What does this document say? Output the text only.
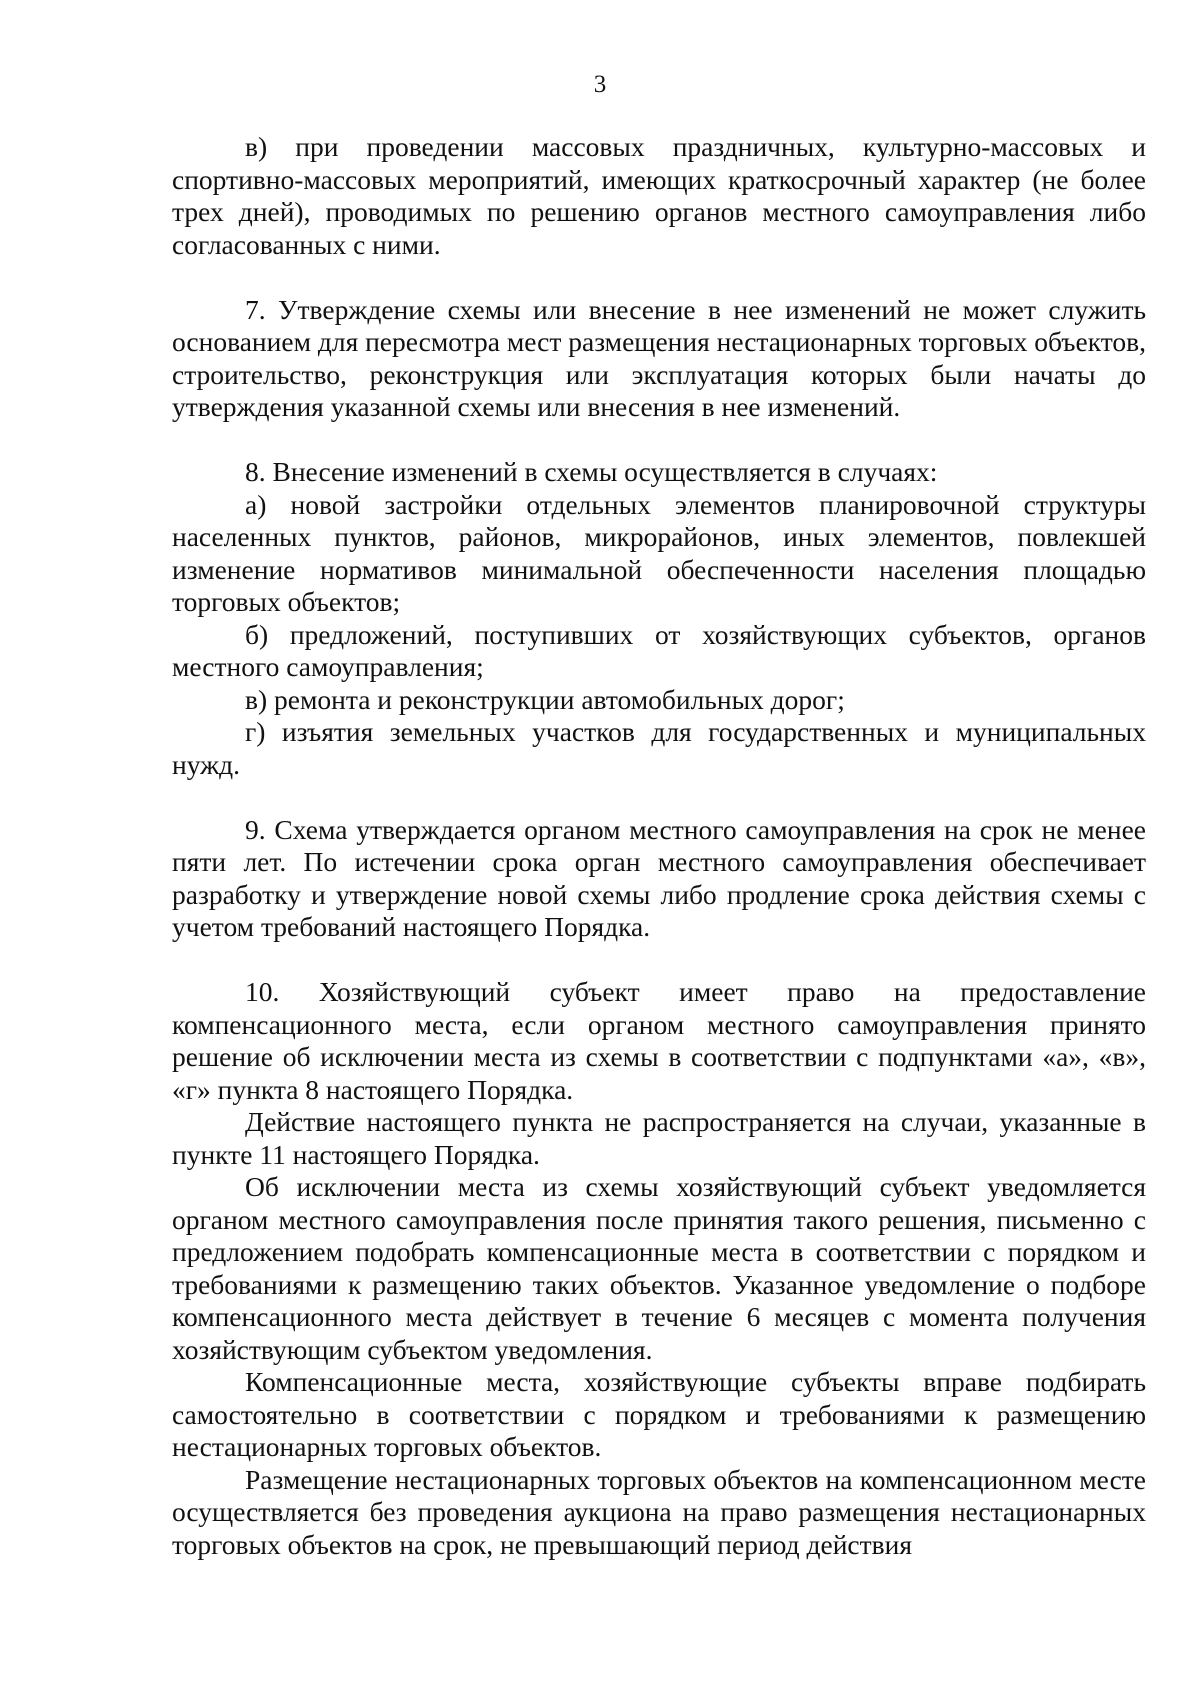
3

в) при проведении массовых праздничных, культурно-массовых и спортивно-массовых мероприятий, имеющих краткосрочный характер (не более трех дней), проводимых по решению органов местного самоуправления либо согласованных с ними.

7. Утверждение схемы или внесение в нее изменений не может служить основанием для пересмотра мест размещения нестационарных торговых объектов, строительство, реконструкция или эксплуатация которых были начаты до утверждения указанной схемы или внесения в нее изменений.

8. Внесение изменений в схемы осуществляется в случаях:

а) новой застройки отдельных элементов планировочной структуры населенных пунктов, районов, микрорайонов, иных элементов, повлекшей изменение нормативов минимальной обеспеченности населения площадью торговых объектов;

б) предложений, поступивших от хозяйствующих субъектов, органов местного самоуправления;

в) ремонта и реконструкции автомобильных дорог;

г) изъятия земельных участков для государственных и муниципальных нужд.

9. Схема утверждается органом местного самоуправления на срок не менее пяти лет. По истечении срока орган местного самоуправления обеспечивает разработку и утверждение новой схемы либо продление срока действия схемы с учетом требований настоящего Порядка.

10. Хозяйствующий субъект имеет право на предоставление компенсационного места, если органом местного самоуправления принято решение об исключении места из схемы в соответствии с подпунктами «а», «в», «г» пункта 8 настоящего Порядка.

Действие настоящего пункта не распространяется на случаи, указанные в пункте 11 настоящего Порядка.

Об исключении места из схемы хозяйствующий субъект уведомляется органом местного самоуправления после принятия такого решения, письменно с предложением подобрать компенсационные места в соответствии с порядком и требованиями к размещению таких объектов. Указанное уведомление о подборе компенсационного места действует в течение 6 месяцев с момента получения хозяйствующим субъектом уведомления.

Компенсационные места, хозяйствующие субъекты вправе подбирать самостоятельно в соответствии с порядком и требованиями к размещению нестационарных торговых объектов.

Размещение нестационарных торговых объектов на компенсационном месте осуществляется без проведения аукциона на право размещения нестационарных торговых объектов на срок, не превышающий период действия
